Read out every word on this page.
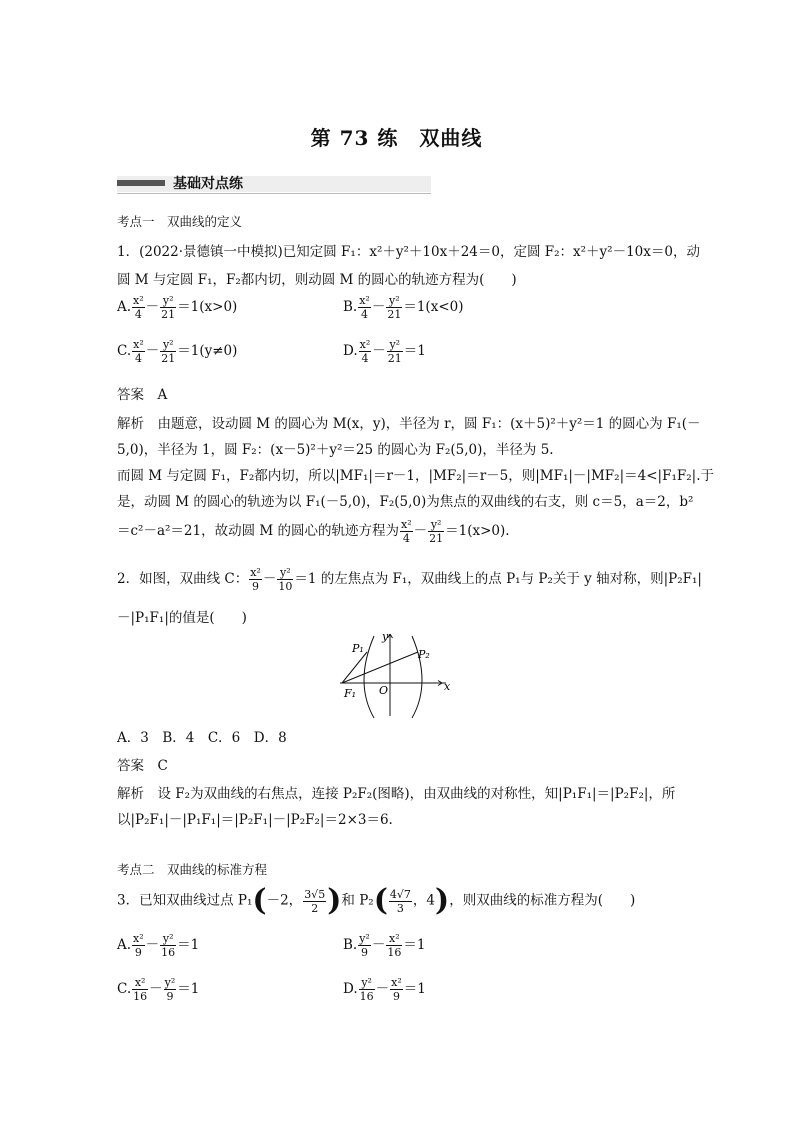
第 73 练　双曲线
基础对点练
考点一　双曲线的定义
1．(2022·景德镇一中模拟)已知定圆 F₁：x²＋y²＋10x＋24＝0，定圆 F₂：x²＋y²－10x＝0，动
圆 M 与定圆 F₁，F₂都内切，则动圆 M 的圆心的轨迹方程为(　　)
A. $\frac{\text{x²}}{4} - \frac{\text{y²}}{21} =1(x>0)$	B. $\frac{\text{x²}}{4} - \frac{\text{y²}}{21} =1(x<0)$
C. $\frac{\text{x²}}{4} - \frac{\text{y²}}{21} =1(y\ne 0)$	D. $\frac{\text{x²}}{4} - \frac{\text{y²}}{21} =1$
答案　 A
解析　 由题意，设动圆 M 的圆心为 M(x，y)，半径为 r，圆 F₁：(x＋5)²＋y²＝1 的圆心为 F₁(－
5,0)，半径为 1，圆 F₂：(x－5)²＋y²＝25 的圆心为 F₂(5,0)，半径为 5.
而圆 M 与定圆 F₁，F₂都内切，所以|MF₁|＝r－1，|MF₂|＝r－5，则|MF₁|－|MF₂|＝4<|F₁F₂|.于
是，动圆 M 的圆心的轨迹为以 F₁(－5,0)，F₂(5,0)为焦点的双曲线的右支，则 c＝5，a＝2，b²
＝c²－a²＝21，故动圆 M 的圆心的轨迹方程为 $\frac{\text{x²}}{4} - \frac{\text{y²}}{21} =1(x>0)$.
2．如图，双曲线 C： $\frac{\text{x²}}{9} - \frac{\text{y²}}{10} =1$ 的左焦点为 F₁，双曲线上的点 P₁与 P₂关于 y 轴对称，则|P₂F₁|
－|P₁F₁|的值是(　　)
P₁	P₂
F₁ O	x
y
A．3　B．4　C．6　D．8
答案　 C
解析　 设 F₂为双曲线的右焦点，连接 P₂F₂(图略)，由双曲线的对称性，知|P₁F₁|＝|P₂F₂|，所
以|P₂F₁|－|P₁F₁|＝|P₂F₁|－|P₂F₂|＝2×3＝6.
考点二　双曲线的标准方程
3．已知双曲线过点 P₁(－2， $\frac{3√5}{2}$ )和 $P_2( \frac{4√7}{3}$ ，4)，则双曲线的标准方程为(　　)
A. $\frac{\text{x²}}{9} - \frac{\text{y²}}{16} =1$	B. $\frac{\text{y²}}{9} - \frac{\text{x²}}{16} =1$
C. $\frac{\text{x²}}{16} - \frac{\text{y²}}{9} =1$	D. $\frac{\text{y²}}{16} - \frac{\text{x²}}{9} =1$
